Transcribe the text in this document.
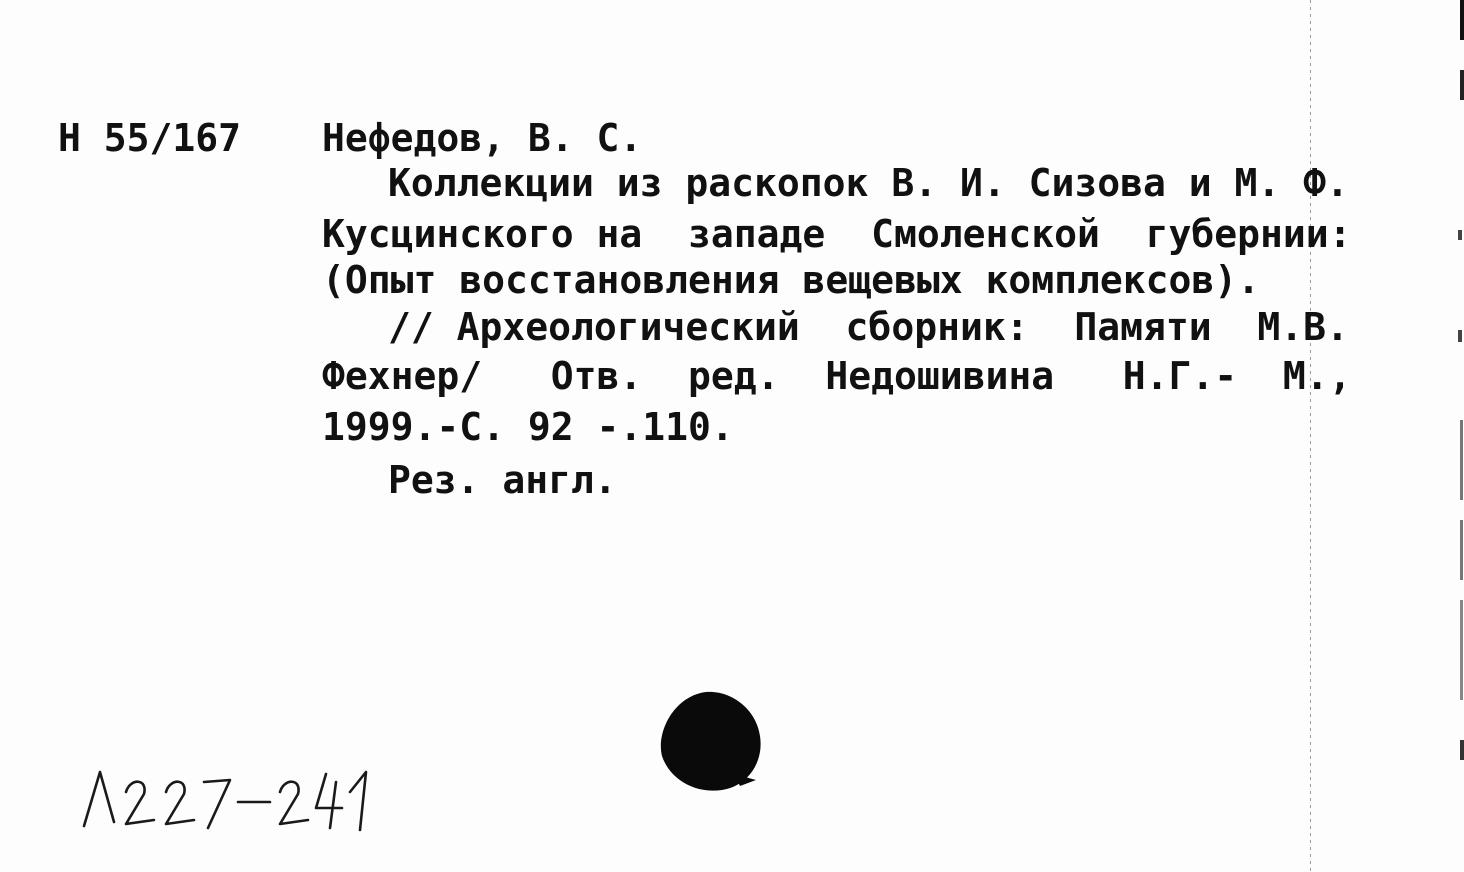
Н 55/167 Нефедов, В. С.
Коллекции из раскопок В. И. Сизова и М. Ф.
Кусцинского на  западе  Смоленской  губернии:
(Опыт восстановления вещевых комплексов).
// Археологический  сборник:  Памяти  М.В.
Фехнер/   Отв.  ред.  Недошивина   Н.Г.-  М.,
1999.-С. 92 -.110.
Рез. англ.
